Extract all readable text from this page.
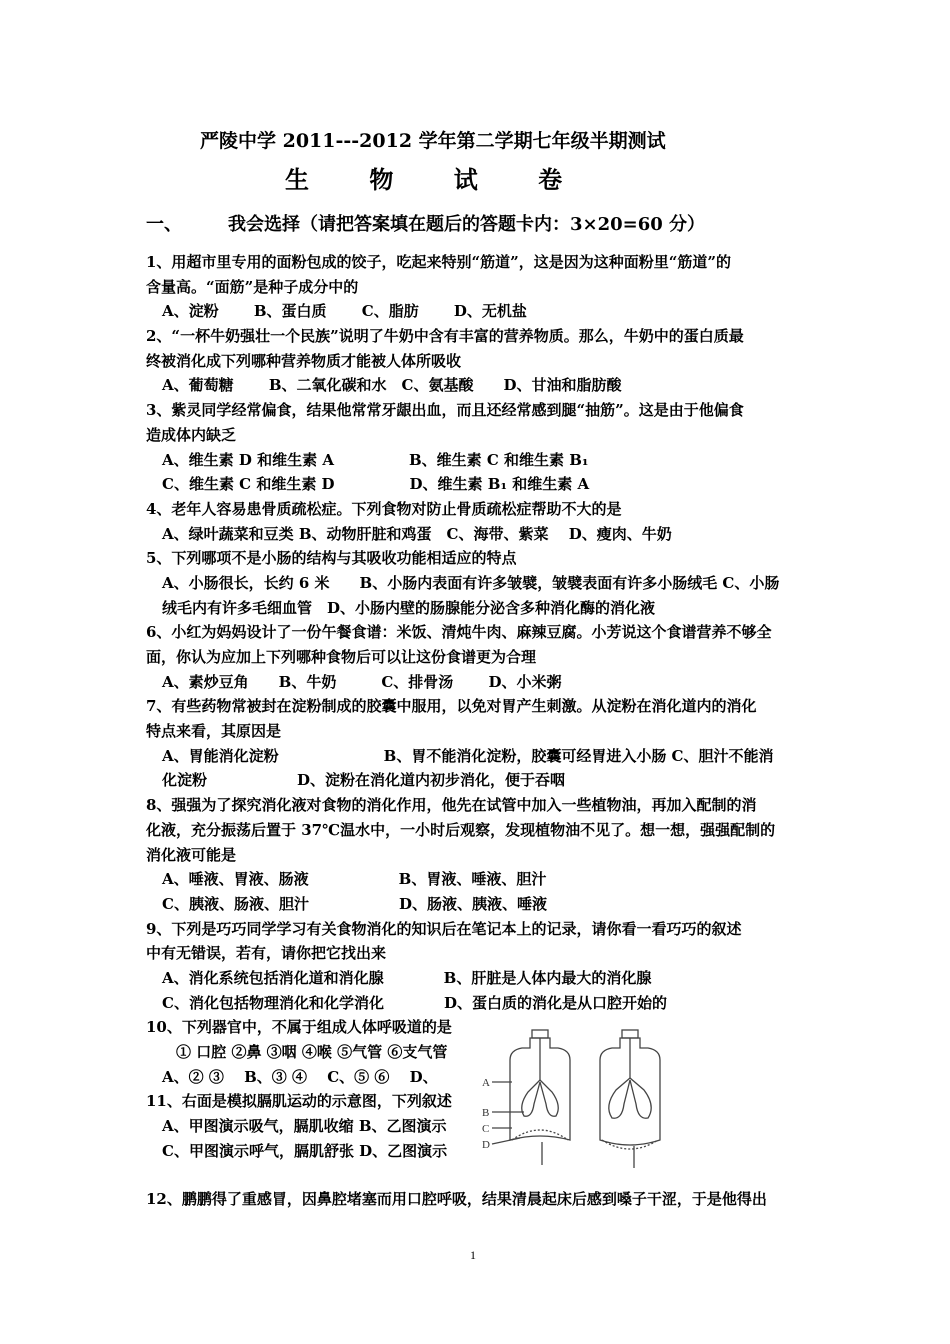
严陵中学 2011---2012 学年第二学期七年级半期测试
生 物 试 卷
一、	我会选择（请把答案填在题后的答题卡内：3×20=60 分）
1、用超市里专用的面粉包成的饺子，吃起来特别“筋道”，这是因为这种面粉里“筋道”的
含量高。“面筋”是种子成分中的
A、淀粉　　 B、蛋白质　　 C、脂肪　　 D、无机盐
2、“一杯牛奶强壮一个民族”说明了牛奶中含有丰富的营养物质。那么，牛奶中的蛋白质最
终被消化成下列哪种营养物质才能被人体所吸收
A、葡萄糖　　 B、二氧化碳和水　C、氨基酸　　D、甘油和脂肪酸
3、紫灵同学经常偏食，结果他常常牙龈出血，而且还经常感到腿“抽筋”。这是由于他偏食
造成体内缺乏
A、维生素 D 和维生素 A　　　　　B、维生素 C 和维生素 B₁
C、维生素 C 和维生素 D　　　　　D、维生素 B₁ 和维生素 A
4、老年人容易患骨质疏松症。下列食物对防止骨质疏松症帮助不大的是
A、绿叶蔬菜和豆类 B、动物肝脏和鸡蛋　C、海带、紫菜　 D、瘦肉、牛奶
5、下列哪项不是小肠的结构与其吸收功能相适应的特点
A、小肠很长，长约 6 米　　B、小肠内表面有许多皱襞，皱襞表面有许多小肠绒毛 C、小肠
绒毛内有许多毛细血管　D、小肠内壁的肠腺能分泌含多种消化酶的消化液
6、小红为妈妈设计了一份午餐食谱：米饭、清炖牛肉、麻辣豆腐。小芳说这个食谱营养不够全
面，你认为应加上下列哪种食物后可以让这份食谱更为合理
A、素炒豆角　　B、牛奶　　　C、排骨汤　　 D、小米粥
7、有些药物常被封在淀粉制成的胶囊中服用，以免对胃产生刺激。从淀粉在消化道内的消化
特点来看，其原因是
A、胃能消化淀粉　　　　　　　B、胃不能消化淀粉，胶囊可经胃进入小肠 C、胆汁不能消
化淀粉　　　　　　D、淀粉在消化道内初步消化，便于吞咽
8、强强为了探究消化液对食物的消化作用，他先在试管中加入一些植物油，再加入配制的消
化液，充分振荡后置于 37℃温水中，一小时后观察，发现植物油不见了。想一想，强强配制的
消化液可能是
A、唾液、胃液、肠液　　　　　　B、胃液、唾液、胆汁
C、胰液、肠液、胆汁　　　　　　D、肠液、胰液、唾液
9、下列是巧巧同学学习有关食物消化的知识后在笔记本上的记录，请你看一看巧巧的叙述
中有无错误，若有，请你把它找出来
A、消化系统包括消化道和消化腺　　　　B、肝脏是人体内最大的消化腺
C、消化包括物理消化和化学消化　　　　D、蛋白质的消化是从口腔开始的
10、下列器官中，不属于组成人体呼吸道的是
① 口腔 ②鼻 ③咽 ④喉 ⑤气管 ⑥支气管
A、② ③　 B、③ ④　 C、⑤ ⑥　 D、
11、右面是模拟膈肌运动的示意图，下列叙述
A、甲图演示吸气，膈肌收缩 B、乙图演示
C、甲图演示呼气，膈肌舒张 D、乙图演示
12、鹏鹏得了重感冒，因鼻腔堵塞而用口腔呼吸，结果清晨起床后感到嗓子干涩，于是他得出
A
B
C
D
1
